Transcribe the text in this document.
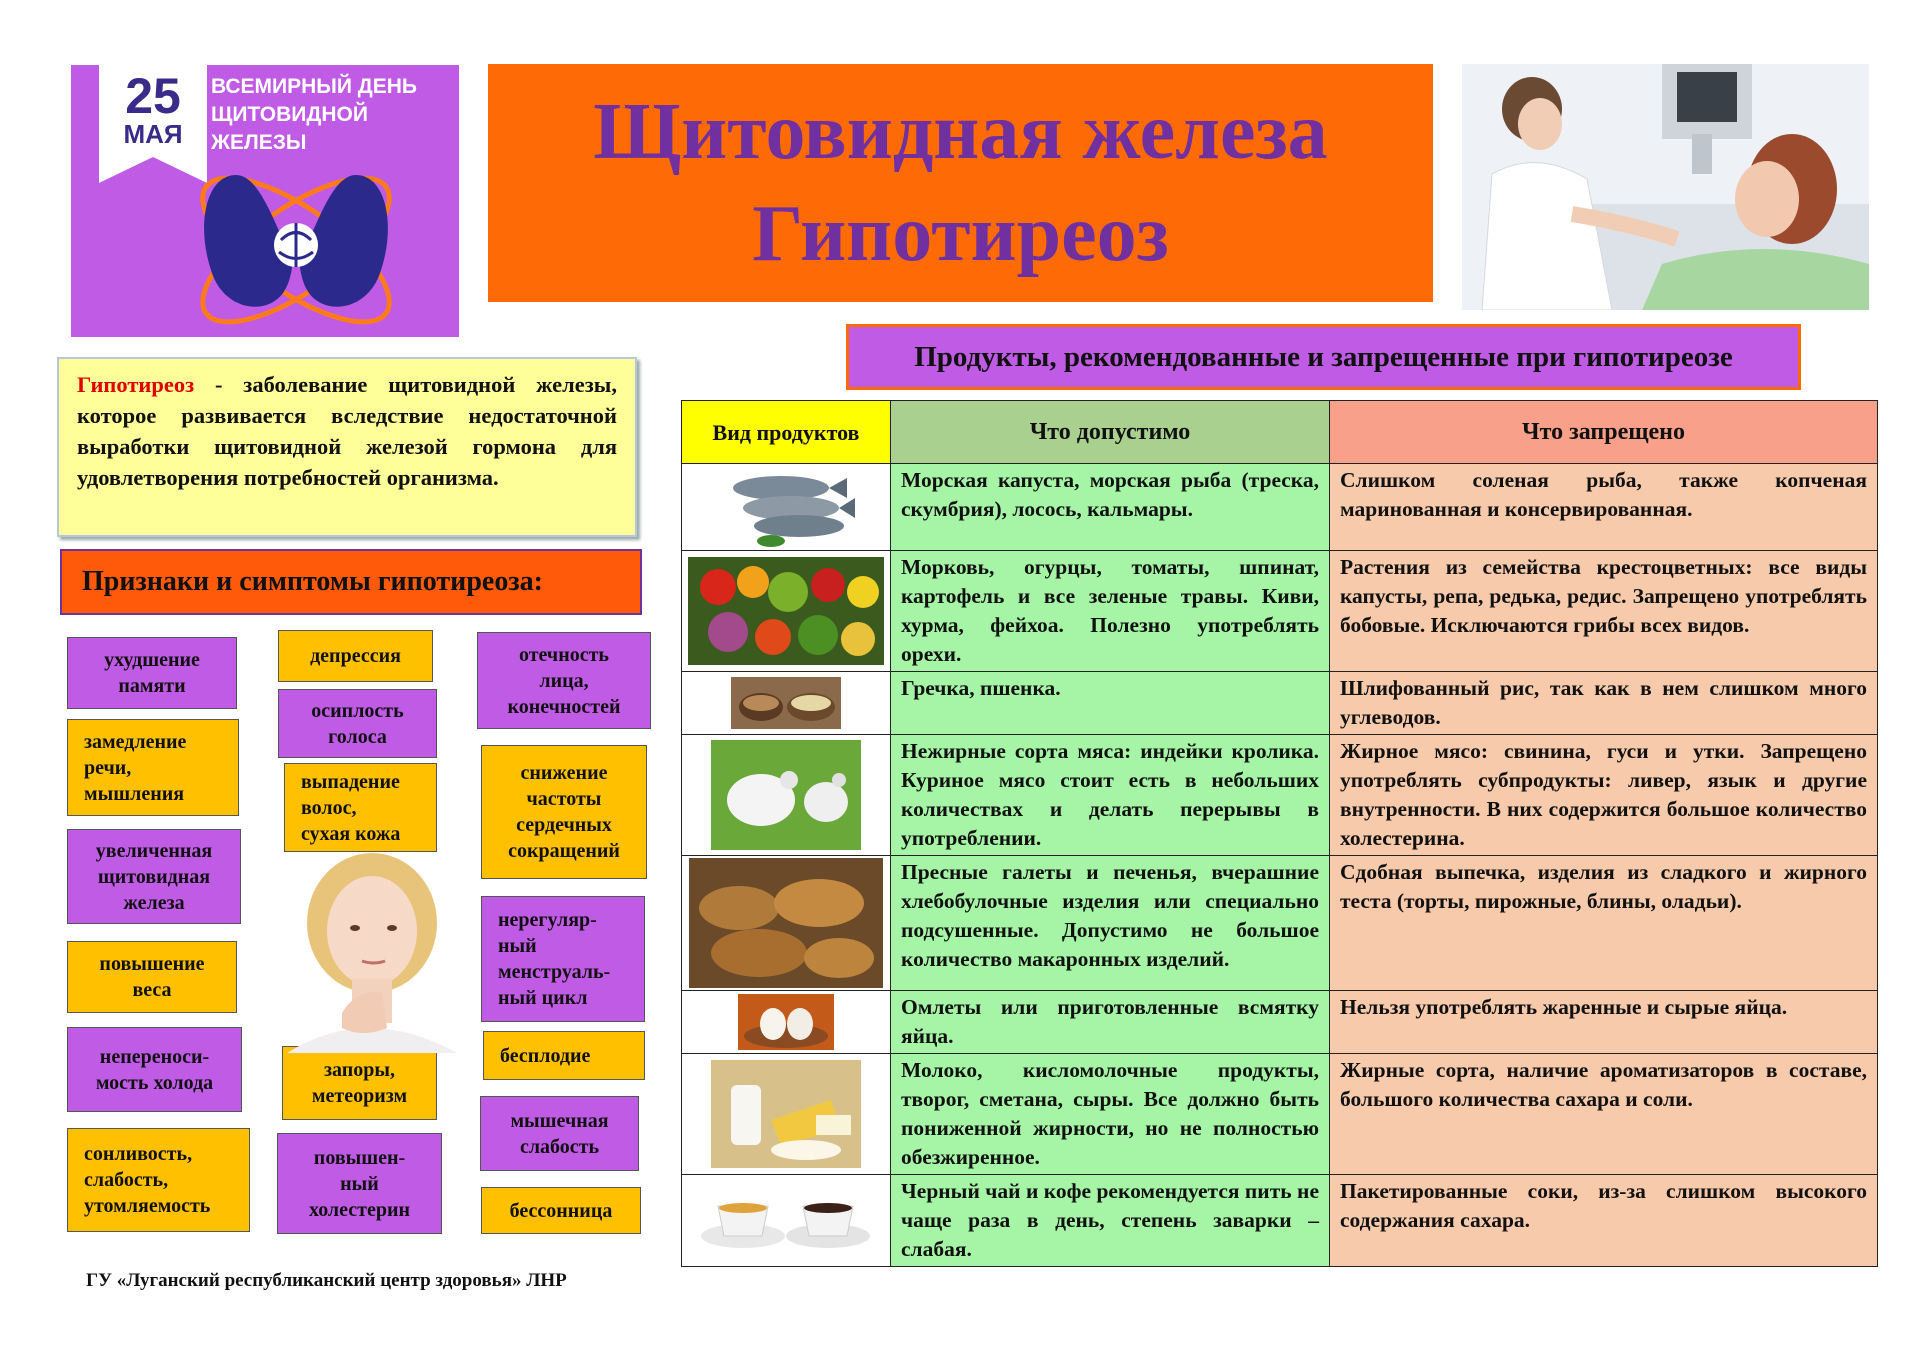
25
МАЯ
ВСЕМИРНЫЙ ДЕНЬ
ЩИТОВИДНОЙ
ЖЕЛЕЗЫ	Щитовидная железа
Гипотиреоз
Гипотиреоз - заболевание щитовидной железы, которое развивается вследствие недостаточной выработки щитовидной железой гормона для удовлетворения потребностей организма.
Признаки и симптомы гипотиреоза:
ухудшение
памяти
замедление
речи,
мышления
увеличенная
щитовидная
железа
повышение
веса
непереноси-
мость холода
сонливость,
слабость,
утомляемость
депрессия
осиплость
голоса
выпадение
волос,
сухая кожа
запоры,
метеоризм
повышен-
ный
холестерин
отечность
лица,
конечностей
снижение
частоты
сердечных
сокращений
нерегуляр-
ный
менструаль-
ный цикл
бесплодие
мышечная
слабость
бессонница
ГУ «Луганский республиканский центр здоровья» ЛНР
Продукты, рекомендованные и запрещенные при гипотиреозе
Вид продуктов	Что допустимо	Что запрещено

	Морская капуста, морская рыба (треска, скумбрия), лосось, кальмары.	Слишком соленая рыба, также копченая маринованная и консервированная.

	Морковь, огурцы, томаты, шпинат, картофель и все зеленые травы. Киви, хурма, фейхоа. Полезно употреблять орехи.	Растения из семейства крестоцветных: все виды капусты, репа, редька, редис. Запрещено употреблять бобовые. Исключаются грибы всех видов.

	Гречка, пшенка.	Шлифованный рис, так как в нем слишком много углеводов.

	Нежирные сорта мяса: индейки кролика. Куриное мясо стоит есть в небольших количествах и делать перерывы в употреблении.	Жирное мясо: свинина, гуси и утки. Запрещено употреблять субпродукты: ливер, язык и другие внутренности. В них содержится большое количество холестерина.

	Пресные галеты и печенья, вчерашние хлебобулочные изделия или специально подсушенные. Допустимо не большое количество макаронных изделий.	Сдобная выпечка, изделия из сладкого и жирного теста (торты, пирожные, блины, оладьи).

	Омлеты или приготовленные всмятку яйца.	Нельзя употреблять жаренные и сырые яйца.

	Молоко, кисломолочные продукты, творог, сметана, сыры. Все должно быть пониженной жирности, но не полностью обезжиренное.	Жирные сорта, наличие ароматизаторов в составе, большого количества сахара и соли.

	Черный чай и кофе рекомендуется пить не чаще раза в день, степень заварки – слабая.	Пакетированные соки, из-за слишком высокого содержания сахара.
